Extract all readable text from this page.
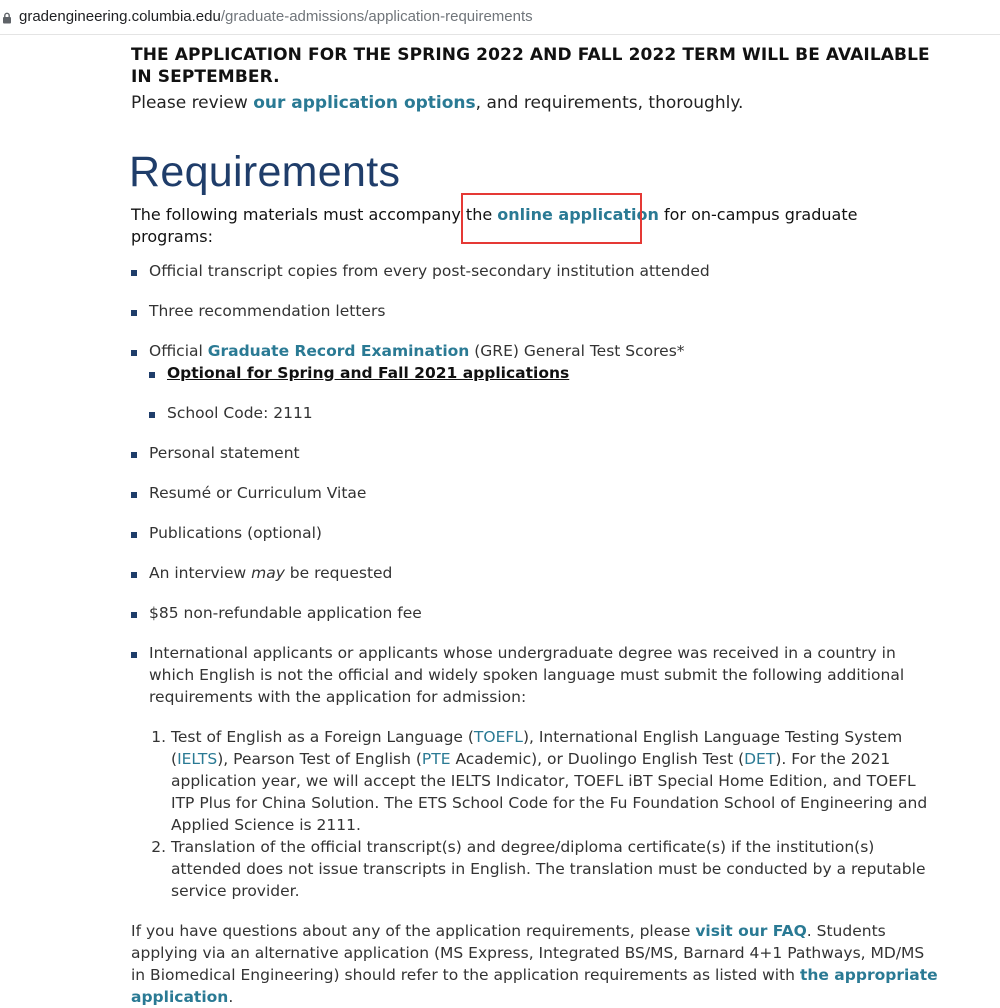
gradengineering.columbia.edu/graduate-admissions/application-requirements

THE APPLICATION FOR THE SPRING 2022 AND FALL 2022 TERM WILL BE AVAILABLE IN SEPTEMBER.

Please review our application options, and requirements, thoroughly.

Requirements

The following materials must accompany the online application for on-campus graduate programs:

Official transcript copies from every post-secondary institution attended
Three recommendation letters
Official Graduate Record Examination (GRE) General Test Scores*
Optional for Spring and Fall 2021 applications
School Code: 2111
Personal statement
Resumé or Curriculum Vitae
Publications (optional)
An interview may be requested
$85 non-refundable application fee
International applicants or applicants whose undergraduate degree was received in a country in which English is not the official and widely spoken language must submit the following additional requirements with the application for admission:
1. Test of English as a Foreign Language (TOEFL), International English Language Testing System (IELTS), Pearson Test of English (PTE Academic), or Duolingo English Test (DET). For the 2021 application year, we will accept the IELTS Indicator, TOEFL iBT Special Home Edition, and TOEFL ITP Plus for China Solution. The ETS School Code for the Fu Foundation School of Engineering and Applied Science is 2111.
2. Translation of the official transcript(s) and degree/diploma certificate(s) if the institution(s) attended does not issue transcripts in English. The translation must be conducted by a reputable service provider.

If you have questions about any of the application requirements, please visit our FAQ. Students applying via an alternative application (MS Express, Integrated BS/MS, Barnard 4+1 Pathways, MD/MS in Biomedical Engineering) should refer to the application requirements as listed with the appropriate application.
